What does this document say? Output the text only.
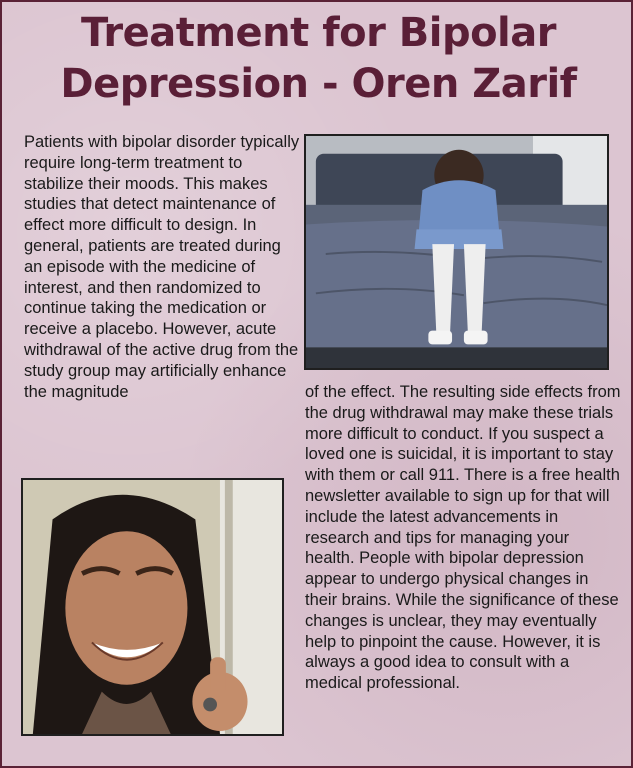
Treatment for Bipolar Depression - Oren Zarif

Patients with bipolar disorder typically require long-term treatment to stabilize their moods. This makes studies that detect maintenance of effect more difficult to design. In general, patients are treated during an episode with the medicine of interest, and then randomized to continue taking the medication or receive a placebo. However, acute withdrawal of the active drug from the study group may artificially enhance the magnitude	of the effect. The resulting side effects from the drug withdrawal may make these trials more difficult to conduct. If you suspect a loved one is suicidal, it is important to stay with them or call 911. There is a free health newsletter available to sign up for that will include the latest advancements in research and tips for managing your health. People with bipolar depression appear to undergo physical changes in their brains. While the significance of these changes is unclear, they may eventually help to pinpoint the cause. However, it is always a good idea to consult with a medical professional.
